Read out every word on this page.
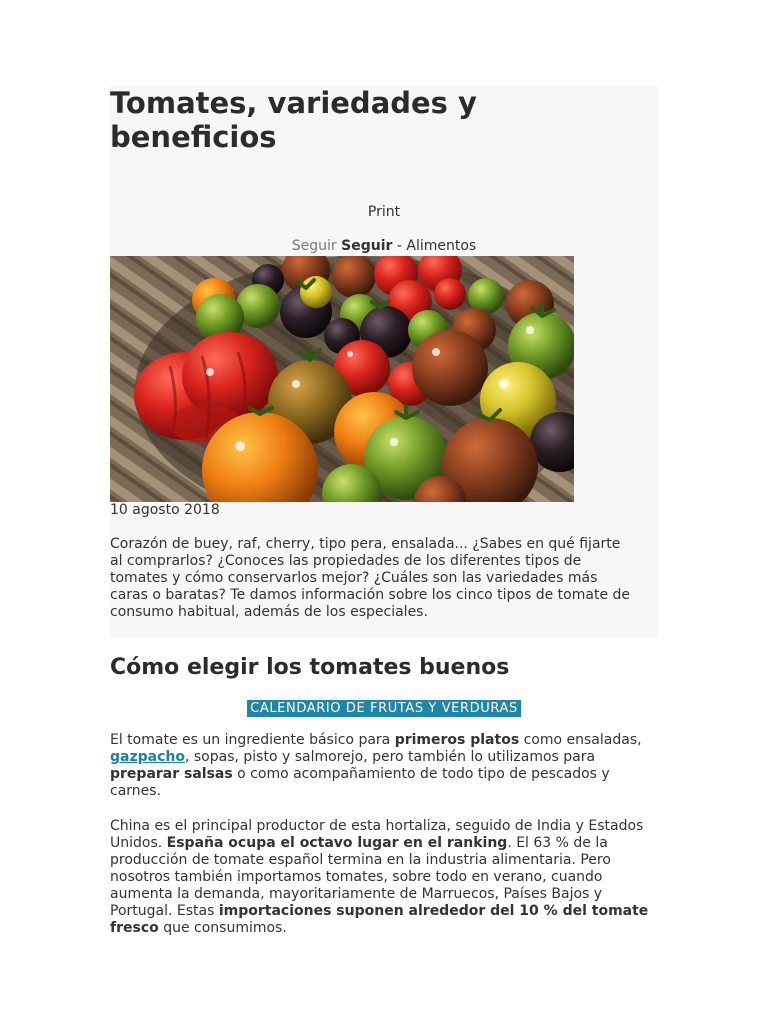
Tomates, variedades y beneficios
Print
Seguir Seguir - Alimentos
10 agosto 2018

Corazón de buey, raf, cherry, tipo pera, ensalada... ¿Sabes en qué fijarte al comprarlos? ¿Conoces las propiedades de los diferentes tipos de tomates y cómo conservarlos mejor? ¿Cuáles son las variedades más caras o baratas? Te damos información sobre los cinco tipos de tomate de consumo habitual, además de los especiales.

Cómo elegir los tomates buenos
CALENDARIO DE FRUTAS Y VERDURAS

El tomate es un ingrediente básico para primeros platos como ensaladas, gazpacho, sopas, pisto y salmorejo, pero también lo utilizamos para preparar salsas o como acompañamiento de todo tipo de pescados y carnes.

China es el principal productor de esta hortaliza, seguido de India y Estados Unidos. España ocupa el octavo lugar en el ranking. El 63 % de la producción de tomate español termina en la industria alimentaria. Pero nosotros también importamos tomates, sobre todo en verano, cuando aumenta la demanda, mayoritariamente de Marruecos, Países Bajos y Portugal. Estas importaciones suponen alrededor del 10 % del tomate fresco que consumimos.
